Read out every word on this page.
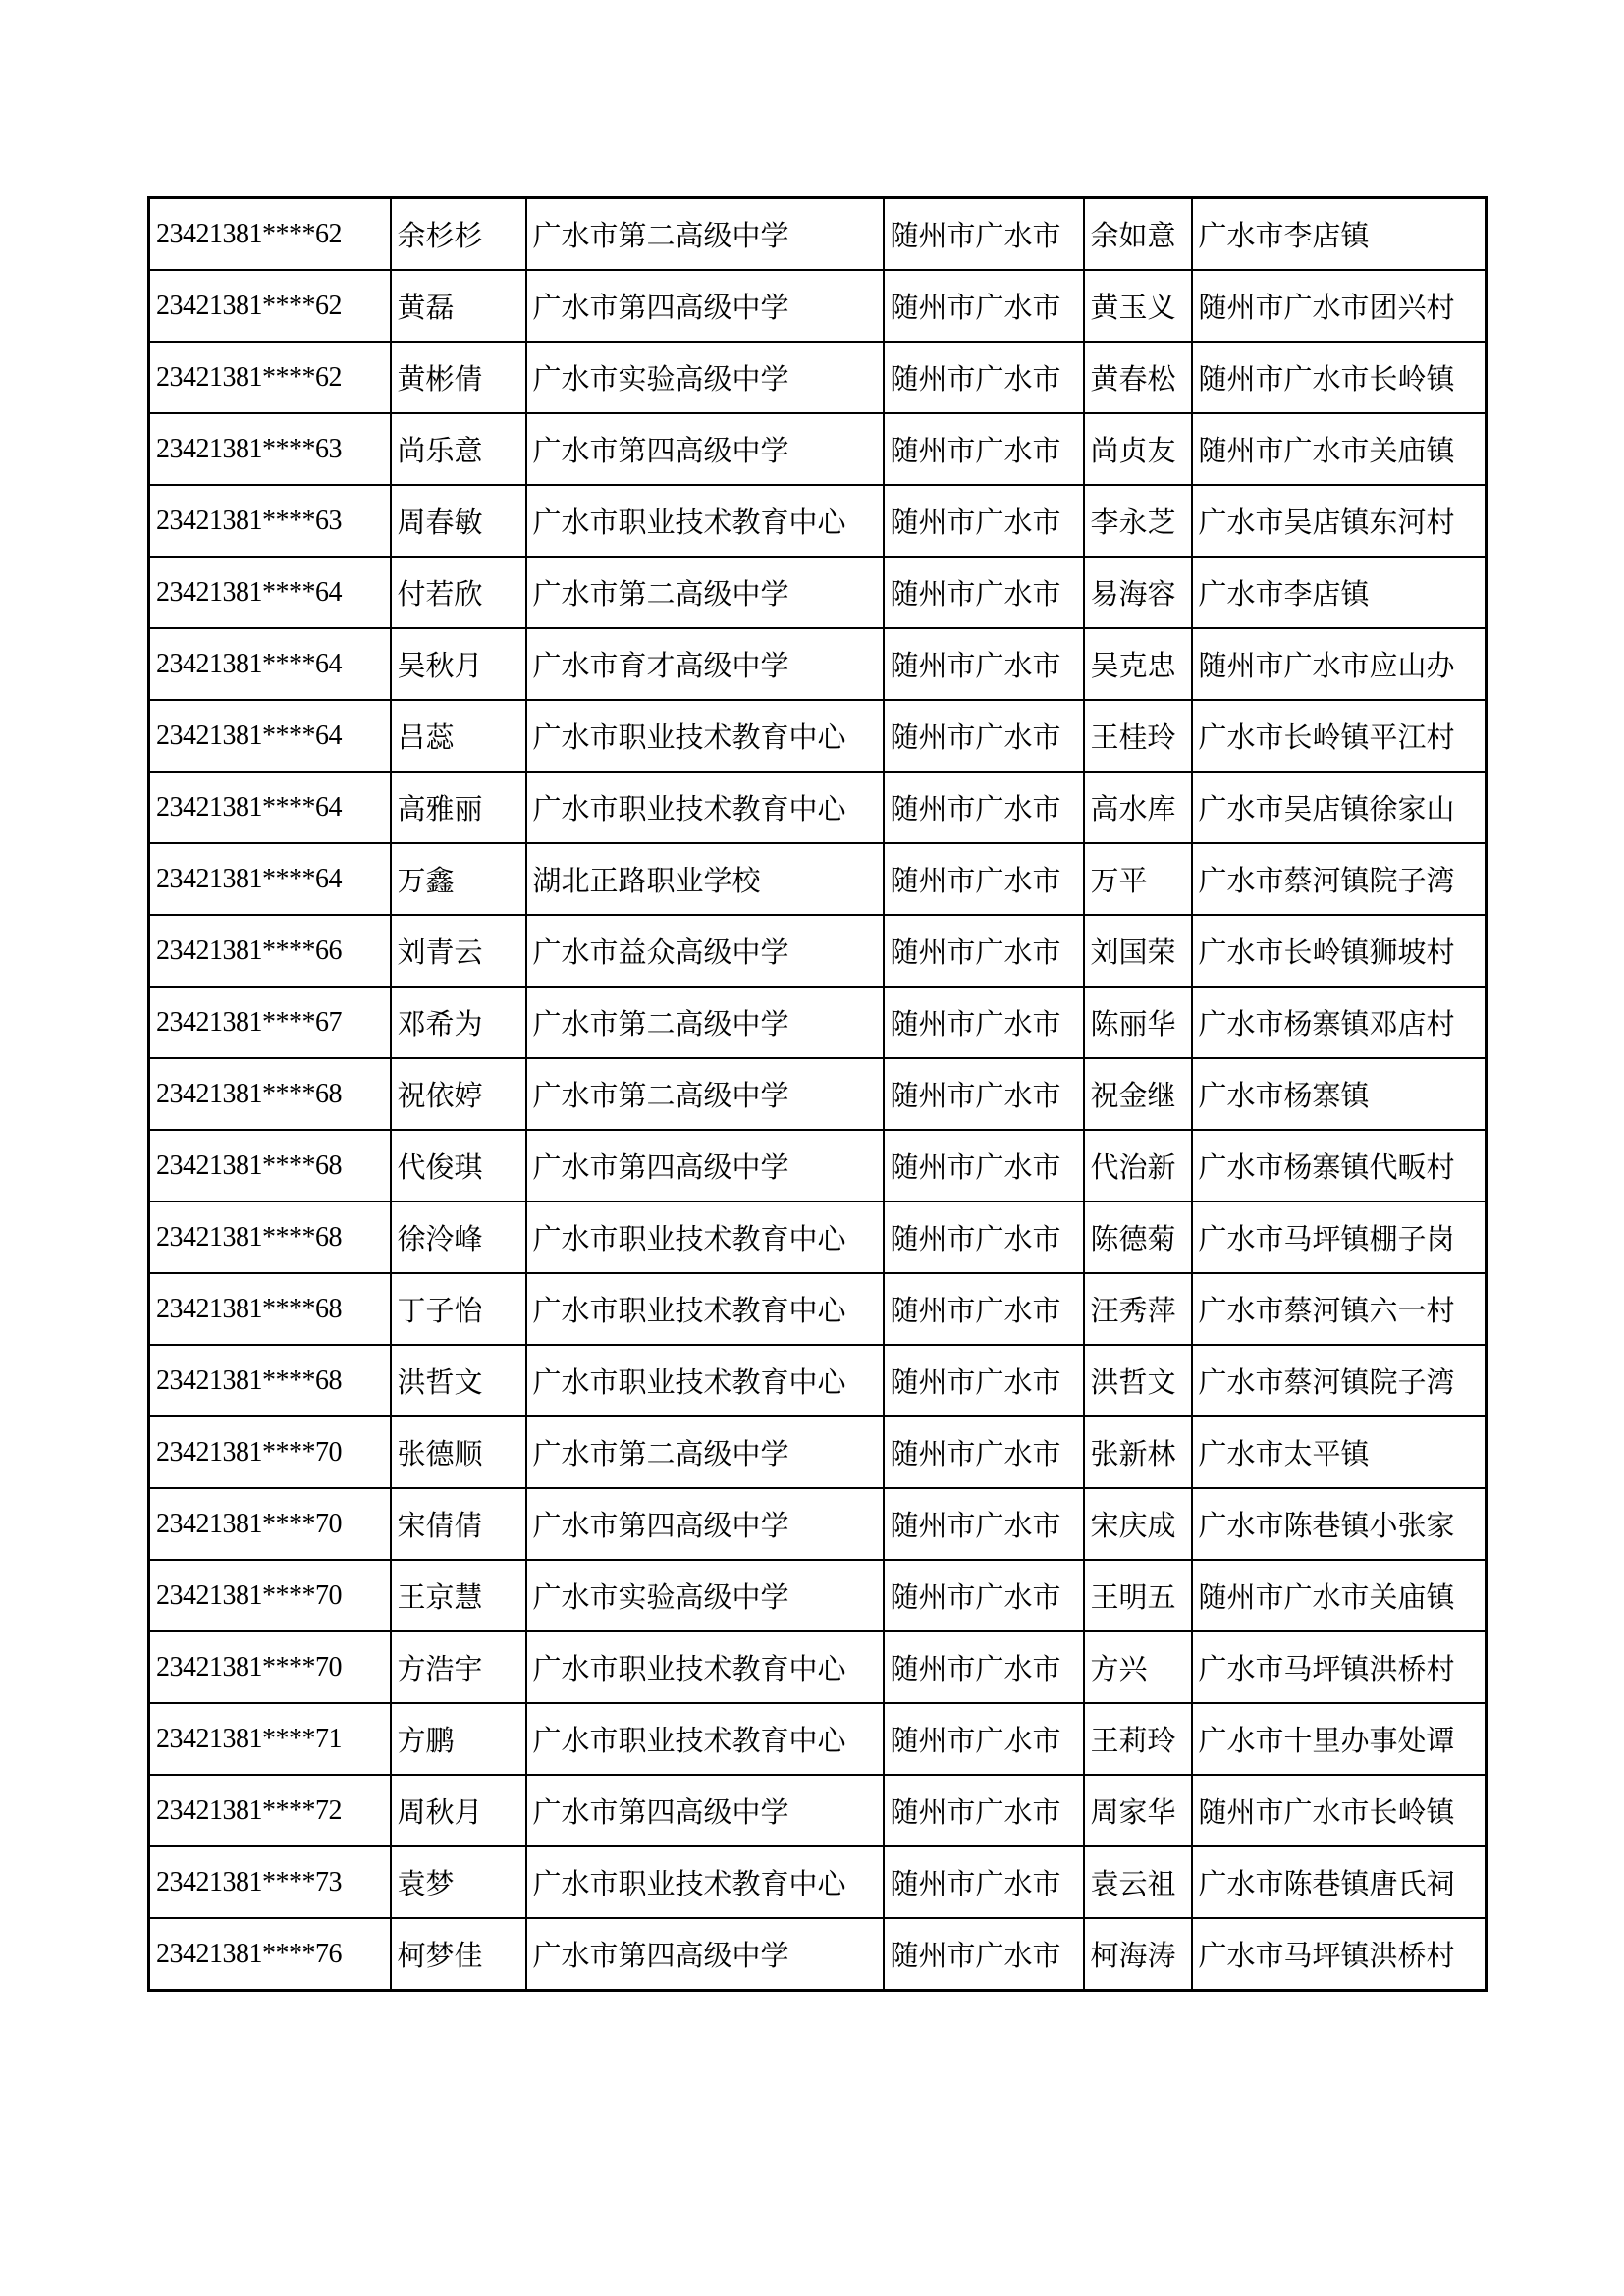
23421381****62	余杉杉	广水市第二高级中学	随州市广水市	余如意	广水市李店镇
23421381****62	黄磊	广水市第四高级中学	随州市广水市	黄玉义	随州市广水市团兴村
23421381****62	黄彬倩	广水市实验高级中学	随州市广水市	黄春松	随州市广水市长岭镇
23421381****63	尚乐意	广水市第四高级中学	随州市广水市	尚贞友	随州市广水市关庙镇
23421381****63	周春敏	广水市职业技术教育中心	随州市广水市	李永芝	广水市吴店镇东河村
23421381****64	付若欣	广水市第二高级中学	随州市广水市	易海容	广水市李店镇
23421381****64	吴秋月	广水市育才高级中学	随州市广水市	吴克忠	随州市广水市应山办
23421381****64	吕蕊	广水市职业技术教育中心	随州市广水市	王桂玲	广水市长岭镇平江村
23421381****64	高雅丽	广水市职业技术教育中心	随州市广水市	高水库	广水市吴店镇徐家山
23421381****64	万鑫	湖北正路职业学校	随州市广水市	万平	广水市蔡河镇院子湾
23421381****66	刘青云	广水市益众高级中学	随州市广水市	刘国荣	广水市长岭镇狮坡村
23421381****67	邓希为	广水市第二高级中学	随州市广水市	陈丽华	广水市杨寨镇邓店村
23421381****68	祝依婷	广水市第二高级中学	随州市广水市	祝金继	广水市杨寨镇
23421381****68	代俊琪	广水市第四高级中学	随州市广水市	代治新	广水市杨寨镇代畈村
23421381****68	徐泠峰	广水市职业技术教育中心	随州市广水市	陈德菊	广水市马坪镇棚子岗
23421381****68	丁子怡	广水市职业技术教育中心	随州市广水市	汪秀萍	广水市蔡河镇六一村
23421381****68	洪哲文	广水市职业技术教育中心	随州市广水市	洪哲文	广水市蔡河镇院子湾
23421381****70	张德顺	广水市第二高级中学	随州市广水市	张新林	广水市太平镇
23421381****70	宋倩倩	广水市第四高级中学	随州市广水市	宋庆成	广水市陈巷镇小张家
23421381****70	王京慧	广水市实验高级中学	随州市广水市	王明五	随州市广水市关庙镇
23421381****70	方浩宇	广水市职业技术教育中心	随州市广水市	方兴	广水市马坪镇洪桥村
23421381****71	方鹏	广水市职业技术教育中心	随州市广水市	王莉玲	广水市十里办事处谭
23421381****72	周秋月	广水市第四高级中学	随州市广水市	周家华	随州市广水市长岭镇
23421381****73	袁梦	广水市职业技术教育中心	随州市广水市	袁云祖	广水市陈巷镇唐氏祠
23421381****76	柯梦佳	广水市第四高级中学	随州市广水市	柯海涛	广水市马坪镇洪桥村
